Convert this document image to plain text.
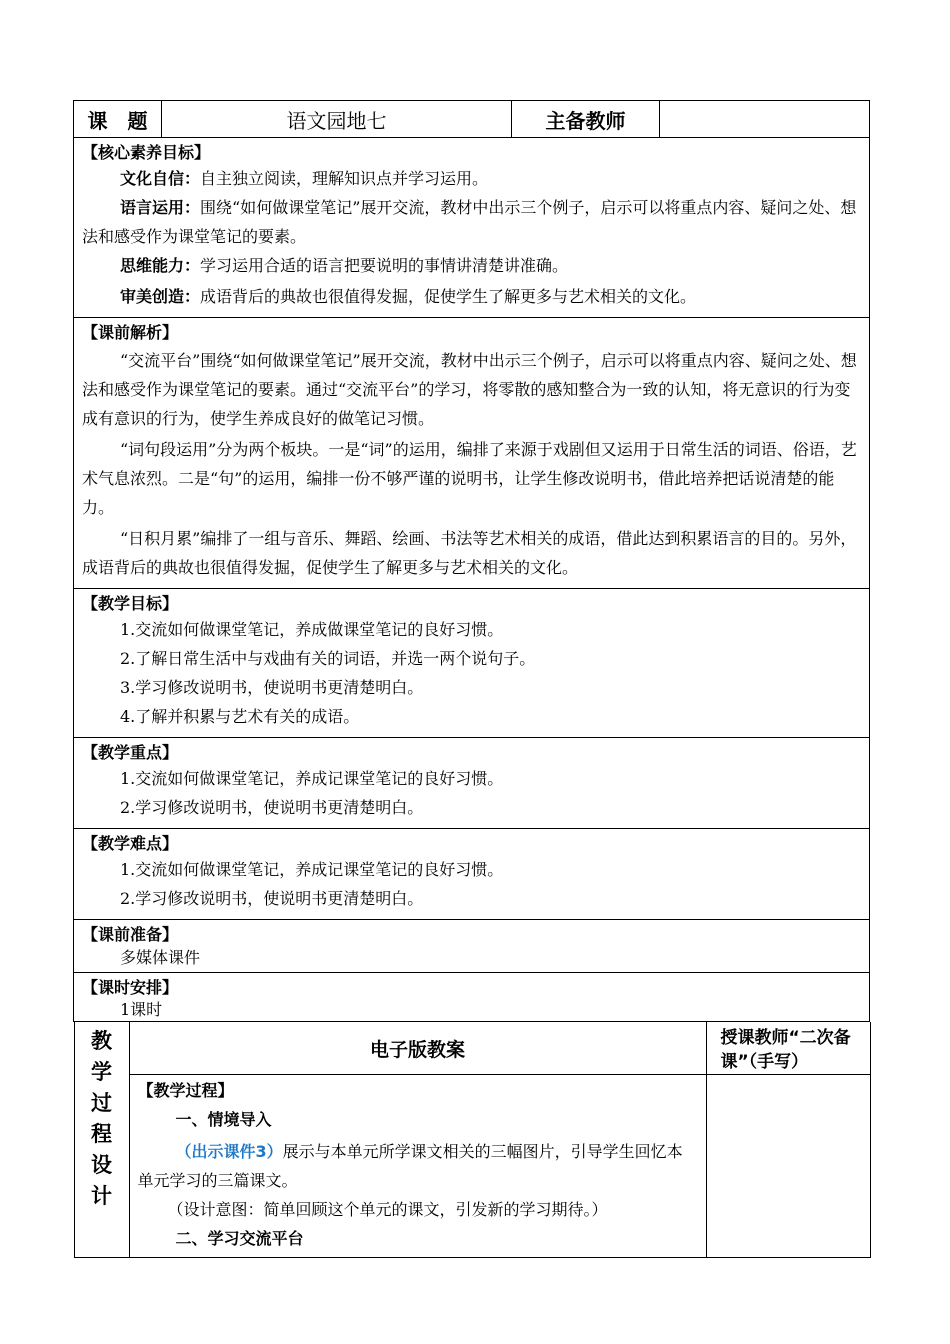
课　题	语文园地七	主备教师	

【核心素养目标】
文化自信：自主独立阅读，理解知识点并学习运用。
语言运用：围绕“如何做课堂笔记”展开交流，教材中出示三个例子，启示可以将重点内容、疑问之处、想法和感受作为课堂笔记的要素。
思维能力：学习运用合适的语言把要说明的事情讲清楚讲准确。
审美创造：成语背后的典故也很值得发掘，促使学生了解更多与艺术相关的文化。

【课前解析】

“交流平台”围绕“如何做课堂笔记”展开交流，教材中出示三个例子，启示可以将重点内容、疑问之处、想法和感受作为课堂笔记的要素。通过“交流平台”的学习，将零散的感知整合为一致的认知，将无意识的行为变成有意识的行为，使学生养成良好的做笔记习惯。

“词句段运用”分为两个板块。一是“词”的运用，编排了来源于戏剧但又运用于日常生活的词语、俗语，艺术气息浓烈。二是“句”的运用，编排一份不够严谨的说明书，让学生修改说明书，借此培养把话说清楚的能力。

“日积月累”编排了一组与音乐、舞蹈、绘画、书法等艺术相关的成语，借此达到积累语言的目的。另外，成语背后的典故也很值得发掘，促使学生了解更多与艺术相关的文化。

【教学目标】
1.交流如何做课堂笔记，养成做课堂笔记的良好习惯。
2.了解日常生活中与戏曲有关的词语，并选一两个说句子。
3.学习修改说明书，使说明书更清楚明白。
4.了解并积累与艺术有关的成语。

【教学重点】
1.交流如何做课堂笔记，养成记课堂笔记的良好习惯。
2.学习修改说明书，使说明书更清楚明白。

【教学难点】
1.交流如何做课堂笔记，养成记课堂笔记的良好习惯。
2.学习修改说明书，使说明书更清楚明白。

【课前准备】
多媒体课件

【课时安排】
1课时

教
学
过
程
设
计
	电子版教案	授课教师“二次备课”（手写）

【教学过程】
一、情境导入
（出示课件3）展示与本单元所学课文相关的三幅图片，引导学生回忆本单元学习的三篇课文。
（设计意图：简单回顾这个单元的课文，引发新的学习期待。）
二、学习交流平台
